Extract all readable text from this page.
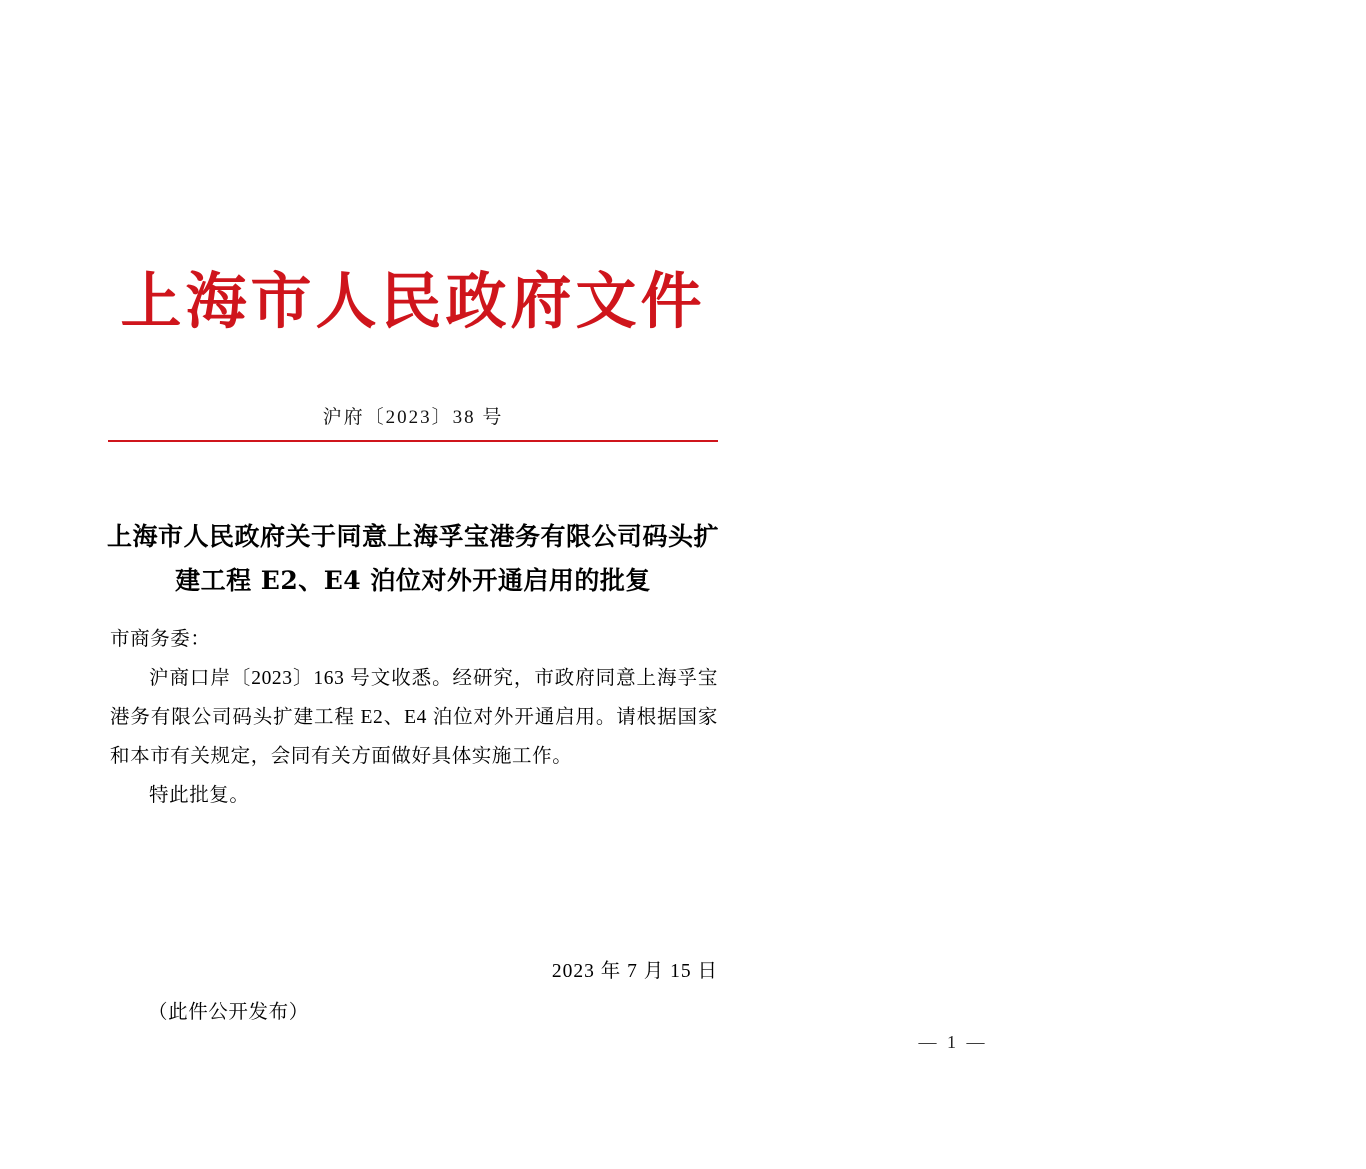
上海市人民政府文件
沪府〔2023〕38 号
上海市人民政府关于同意上海孚宝港务有限公司码头扩建工程 E2、E4 泊位对外开通启用的批复

市商务委：

沪商口岸〔2023〕163 号文收悉。经研究，市政府同意上海孚宝港务有限公司码头扩建工程 E2、E4 泊位对外开通启用。请根据国家和本市有关规定，会同有关方面做好具体实施工作。

特此批复。

2023 年 7 月 15 日
（此件公开发布）
— 1 —
